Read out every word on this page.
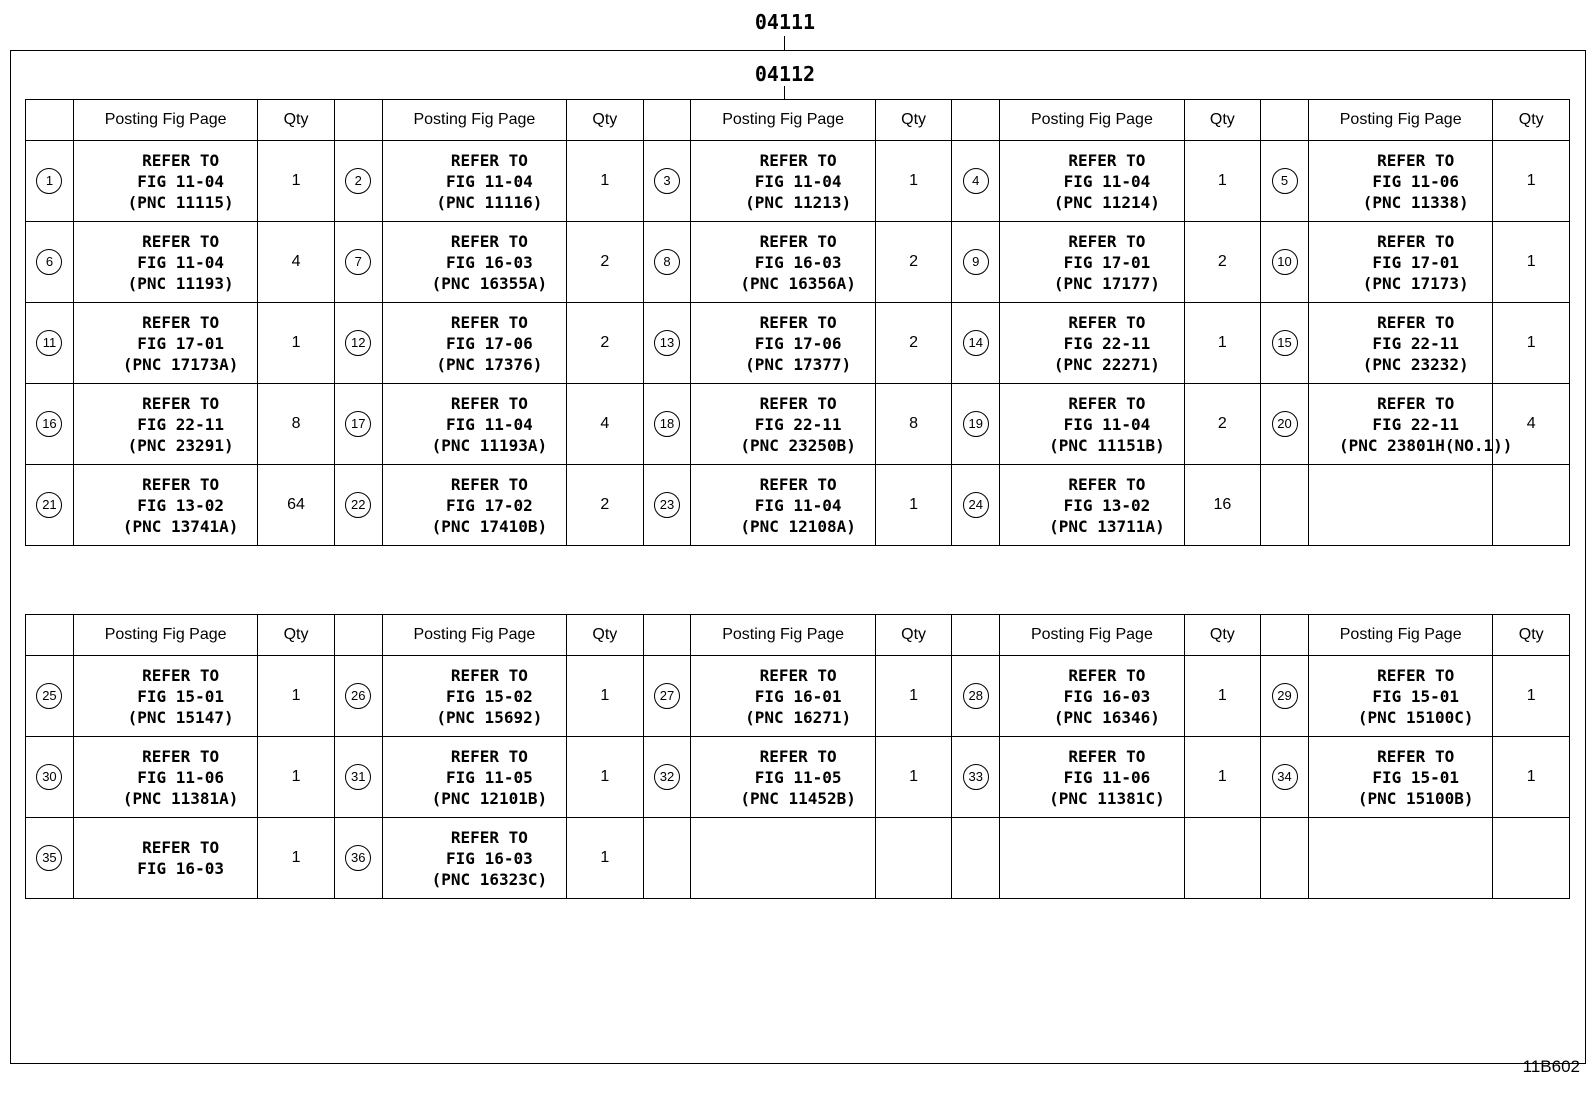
04111
04112
	Posting Fig Page	Qty		Posting Fig Page	Qty		Posting Fig Page	Qty		Posting Fig Page	Qty		Posting Fig Page	Qty
1	REFER TO
FIG 11-04
(PNC 11115)	1	2	REFER TO
FIG 11-04
(PNC 11116)	1	3	REFER TO
FIG 11-04
(PNC 11213)	1	4	REFER TO
FIG 11-04
(PNC 11214)	1	5	REFER TO
FIG 11-06
(PNC 11338)	1
6	REFER TO
FIG 11-04
(PNC 11193)	4	7	REFER TO
FIG 16-03
(PNC 16355A)	2	8	REFER TO
FIG 16-03
(PNC 16356A)	2	9	REFER TO
FIG 17-01
(PNC 17177)	2	10	REFER TO
FIG 17-01
(PNC 17173)	1
11	REFER TO
FIG 17-01
(PNC 17173A)	1	12	REFER TO
FIG 17-06
(PNC 17376)	2	13	REFER TO
FIG 17-06
(PNC 17377)	2	14	REFER TO
FIG 22-11
(PNC 22271)	1	15	REFER TO
FIG 22-11
(PNC 23232)	1
16	REFER TO
FIG 22-11
(PNC 23291)	8	17	REFER TO
FIG 11-04
(PNC 11193A)	4	18	REFER TO
FIG 22-11
(PNC 23250B)	8	19	REFER TO
FIG 11-04
(PNC 11151B)	2	20	REFER TO
FIG 22-11
(PNC 23801H(NO.1))	4
21	REFER TO
FIG 13-02
(PNC 13741A)	64	22	REFER TO
FIG 17-02
(PNC 17410B)	2	23	REFER TO
FIG 11-04
(PNC 12108A)	1	24	REFER TO
FIG 13-02
(PNC 13711A)	16			
	Posting Fig Page	Qty		Posting Fig Page	Qty		Posting Fig Page	Qty		Posting Fig Page	Qty		Posting Fig Page	Qty
25	REFER TO
FIG 15-01
(PNC 15147)	1	26	REFER TO
FIG 15-02
(PNC 15692)	1	27	REFER TO
FIG 16-01
(PNC 16271)	1	28	REFER TO
FIG 16-03
(PNC 16346)	1	29	REFER TO
FIG 15-01
(PNC 15100C)	1
30	REFER TO
FIG 11-06
(PNC 11381A)	1	31	REFER TO
FIG 11-05
(PNC 12101B)	1	32	REFER TO
FIG 11-05
(PNC 11452B)	1	33	REFER TO
FIG 11-06
(PNC 11381C)	1	34	REFER TO
FIG 15-01
(PNC 15100B)	1
35	REFER TO
FIG 16-03	1	36	REFER TO
FIG 16-03
(PNC 16323C)	1									
11B602
